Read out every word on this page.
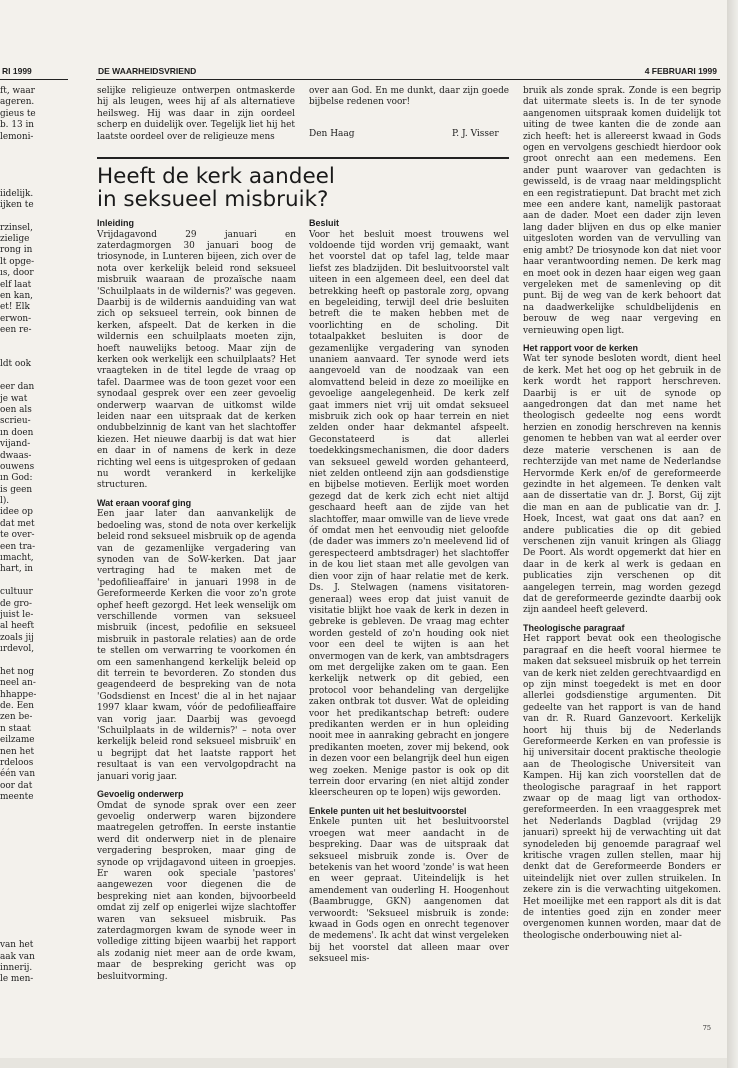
RI 1999	DE WAARHEIDSVRIEND	4 FEBRUARI 1999
ft, waar
ageren.
gieus te
b. 13 in
lemoni-
iidelijk.
ijken te
rzinsel,
zielige
rong in
lt opge-
ıs, door
elf laat
en kan,
et! Elk
erwon-
een re-
ldt ook
eer dan
je wat
oen als
scrieu-
ın doen
vijand-
dwaas-
ouwens
ın God:
is geen
l).
idee op
dat met
te over-
een tra-
ımacht,
hart, in
cultuur
de gro-
juist le-
al heeft
zoals jij
ırdevol,
het nog
neel an-
hhappe-
de. Een
zen be-
n staat
eilzame
nen het
rdeloos
één van
oor dat
meente
van het
aak van
innerij.
le men-

selijke religieuze ontwerpen ontmaskerde hij als leugen, wees hij af als alternatieve heilsweg. Hij was daar in zijn oordeel scherp en duidelijk over. Tegelijk liet hij het laatste oordeel over de religieuze mens

over aan God. En me dunkt, daar zijn goede bijbelse redenen voor!

Den Haag	P. J. Visser
Heeft de kerk aandeel
in seksueel misbruik?
Inleiding

Vrijdagavond 29 januari en zaterdagmorgen 30 januari boog de triosynode, in Lunteren bijeen, zich over de nota over kerkelijk beleid rond seksueel misbruik waaraan de prozaïsche naam 'Schuilplaats in de wildernis?' was gegeven. Daarbij is de wildernis aanduiding van wat zich op seksueel terrein, ook binnen de kerken, afspeelt. Dat de kerken in die wildernis een schuilplaats moeten zijn, hoeft nauwelijks betoog. Maar zijn de kerken ook werkelijk een schuilplaats? Het vraagteken in de titel legde de vraag op tafel. Daarmee was de toon gezet voor een synodaal gesprek over een zeer gevoelig onderwerp waarvan de uitkomst wilde leiden naar een uitspraak dat de kerken ondubbelzinnig de kant van het slachtoffer kiezen. Het nieuwe daarbij is dat wat hier en daar in of namens de kerk in deze richting wel eens is uitgesproken of gedaan nu wordt verankerd in kerkelijke structuren.

Wat eraan vooraf ging

Een jaar later dan aanvankelijk de bedoeling was, stond de nota over kerkelijk beleid rond seksueel misbruik op de agenda van de gezamenlijke vergadering van synoden van de SoW-kerken. Dat jaar vertraging had te maken met de 'pedofilieaffaire' in januari 1998 in de Gereformeerde Kerken die voor zo'n grote ophef heeft gezorgd. Het leek wenselijk om verschillende vormen van seksueel misbruik (incest, pedofilie en seksueel misbruik in pastorale relaties) aan de orde te stellen om verwarring te voorkomen én om een samenhangend kerkelijk beleid op dit terrein te bevorderen. Zo stonden dus geagendeerd de bespreking van de nota 'Godsdienst en Incest' die al in het najaar 1997 klaar kwam, vóór de pedofilieaffaire van vorig jaar. Daarbij was gevoegd 'Schuilplaats in de wildernis?' – nota over kerkelijk beleid rond seksueel misbruik' en u begrijpt dat het laatste rapport het resultaat is van een vervolgopdracht na januari vorig jaar.

Gevoelig onderwerp

Omdat de synode sprak over een zeer gevoelig onderwerp waren bijzondere maatregelen getroffen. In eerste instantie werd dit onderwerp niet in de plenaire vergadering besproken, maar ging de synode op vrijdagavond uiteen in groepjes. Er waren ook speciale 'pastores' aangewezen voor diegenen die de bespreking niet aan konden, bijvoorbeeld omdat zij zelf op enigerlei wijze slachtoffer waren van seksueel misbruik. Pas zaterdagmorgen kwam de synode weer in volledige zitting bijeen waarbij het rapport als zodanig niet meer aan de orde kwam, maar de bespreking gericht was op besluitvorming.

Besluit

Voor het besluit moest trouwens wel voldoende tijd worden vrij gemaakt, want het voorstel dat op tafel lag, telde maar liefst zes bladzijden. Dit besluitvoorstel valt uiteen in een algemeen deel, een deel dat betrekking heeft op pastorale zorg, opvang en begeleiding, terwijl deel drie besluiten betreft die te maken hebben met de voorlichting en de scholing. Dit totaalpakket besluiten is door de gezamenlijke vergadering van synoden unaniem aanvaard. Ter synode werd iets aangevoeld van de noodzaak van een alomvattend beleid in deze zo moeilijke en gevoelige aangelegenheid. De kerk zelf gaat immers niet vrij uit omdat seksueel misbruik zich ook op haar terrein en niet zelden onder haar dekmantel afspeelt. Geconstateerd is dat allerlei toedekkingsmechanismen, die door daders van seksueel geweld worden gehanteerd, niet zelden ontleend zijn aan godsdienstige en bijbelse motieven. Eerlijk moet worden gezegd dat de kerk zich echt niet altijd geschaard heeft aan de zijde van het slachtoffer, maar omwille van de lieve vrede óf omdat men het eenvoudig niet geloofde (de dader was immers zo'n meelevend lid of gerespecteerd ambtsdrager) het slachtoffer in de kou liet staan met alle gevolgen van dien voor zijn of haar relatie met de kerk. Ds. J. Stelwagen (namens visitatoren-generaal) wees erop dat juist vanuit de visitatie blijkt hoe vaak de kerk in dezen in gebreke is gebleven. De vraag mag echter worden gesteld of zo'n houding ook niet voor een deel te wijten is aan het onvermogen van de kerk, van ambtsdragers om met dergelijke zaken om te gaan. Een kerkelijk netwerk op dit gebied, een protocol voor behandeling van dergelijke zaken ontbrak tot dusver. Wat de opleiding voor het predikantschap betreft: oudere predikanten werden er in hun opleiding nooit mee in aanraking gebracht en jongere predikanten moeten, zover mij bekend, ook in dezen voor een belangrijk deel hun eigen weg zoeken. Menige pastor is ook op dit terrein door ervaring (en niet altijd zonder kleerscheuren op te lopen) wijs geworden.

Enkele punten uit het besluitvoorstel

Enkele punten uit het besluitvoorstel vroegen wat meer aandacht in de bespreking. Daar was de uitspraak dat seksueel misbruik zonde is. Over de betekenis van het woord 'zonde' is wat heen en weer gepraat. Uiteindelijk is het amendement van ouderling H. Hoogenhout (Baambrugge, GKN) aangenomen dat verwoordt: 'Seksueel misbruik is zonde: kwaad in Gods ogen en onrecht tegenover de medemens'. Ik acht dat winst vergeleken bij het voorstel dat alleen maar over seksueel mis-

bruik als zonde sprak. Zonde is een begrip dat uitermate sleets is. In de ter synode aangenomen uitspraak komen duidelijk tot uiting de twee kanten die de zonde aan zich heeft: het is allereerst kwaad in Gods ogen en vervolgens geschiedt hierdoor ook groot onrecht aan een medemens. Een ander punt waarover van gedachten is gewisseld, is de vraag naar meldingsplicht en een registratiepunt. Dat bracht met zich mee een andere kant, namelijk pastoraat aan de dader. Moet een dader zijn leven lang dader blijven en dus op elke manier uitgesloten worden van de vervulling van enig ambt? De triosynode kon dat niet voor haar verantwoording nemen. De kerk mag en moet ook in dezen haar eigen weg gaan vergeleken met de samenleving op dit punt. Bij de weg van de kerk behoort dat na daadwerkelijke schuldbelijdenis en berouw de weg naar vergeving en vernieuwing open ligt.

Het rapport voor de kerken

Wat ter synode besloten wordt, dient heel de kerk. Met het oog op het gebruik in de kerk wordt het rapport herschreven. Daarbij is er uit de synode op aangedrongen dat dan met name het theologisch gedeelte nog eens wordt herzien en zonodig herschreven na kennis genomen te hebben van wat al eerder over deze materie verschenen is aan de rechterzijde van met name de Nederlandse Hervormde Kerk en/of de gereformeerde gezindte in het algemeen. Te denken valt aan de dissertatie van dr. J. Borst, Gij zijt die man en aan de publicatie van dr. J. Hoek, Incest, wat gaat ons dat aan? en andere publicaties die op dit gebied verschenen zijn vanuit kringen als Gliagg De Poort. Als wordt opgemerkt dat hier en daar in de kerk al werk is gedaan en publicaties zijn verschenen op dit aangelegen terrein, mag worden gezegd dat de gereformeerde gezindte daarbij ook zijn aandeel heeft geleverd.

Theologische paragraaf

Het rapport bevat ook een theologische paragraaf en die heeft vooral hiermee te maken dat seksueel misbruik op het terrein van de kerk niet zelden gerechtvaardigd en op zijn minst toegedekt is met en door allerlei godsdienstige argumenten. Dit gedeelte van het rapport is van de hand van dr. R. Ruard Ganzevoort. Kerkelijk hoort hij thuis bij de Nederlands Gereformeerde Kerken en van professie is hij universitair docent praktische theologie aan de Theologische Universiteit van Kampen. Hij kan zich voorstellen dat de theologische paragraaf in het rapport zwaar op de maag ligt van orthodox-gereformeerden. In een vraaggesprek met het Nederlands Dagblad (vrijdag 29 januari) spreekt hij de verwachting uit dat synodeleden bij genoemde paragraaf wel kritische vragen zullen stellen, maar hij denkt dat de Gereformeerde Bonders er uiteindelijk niet over zullen struikelen. In zekere zin is die verwachting uitgekomen. Het moeilijke met een rapport als dit is dat de intenties goed zijn en zonder meer overgenomen kunnen worden, maar dat de theologische onderbouwing niet al-

75
